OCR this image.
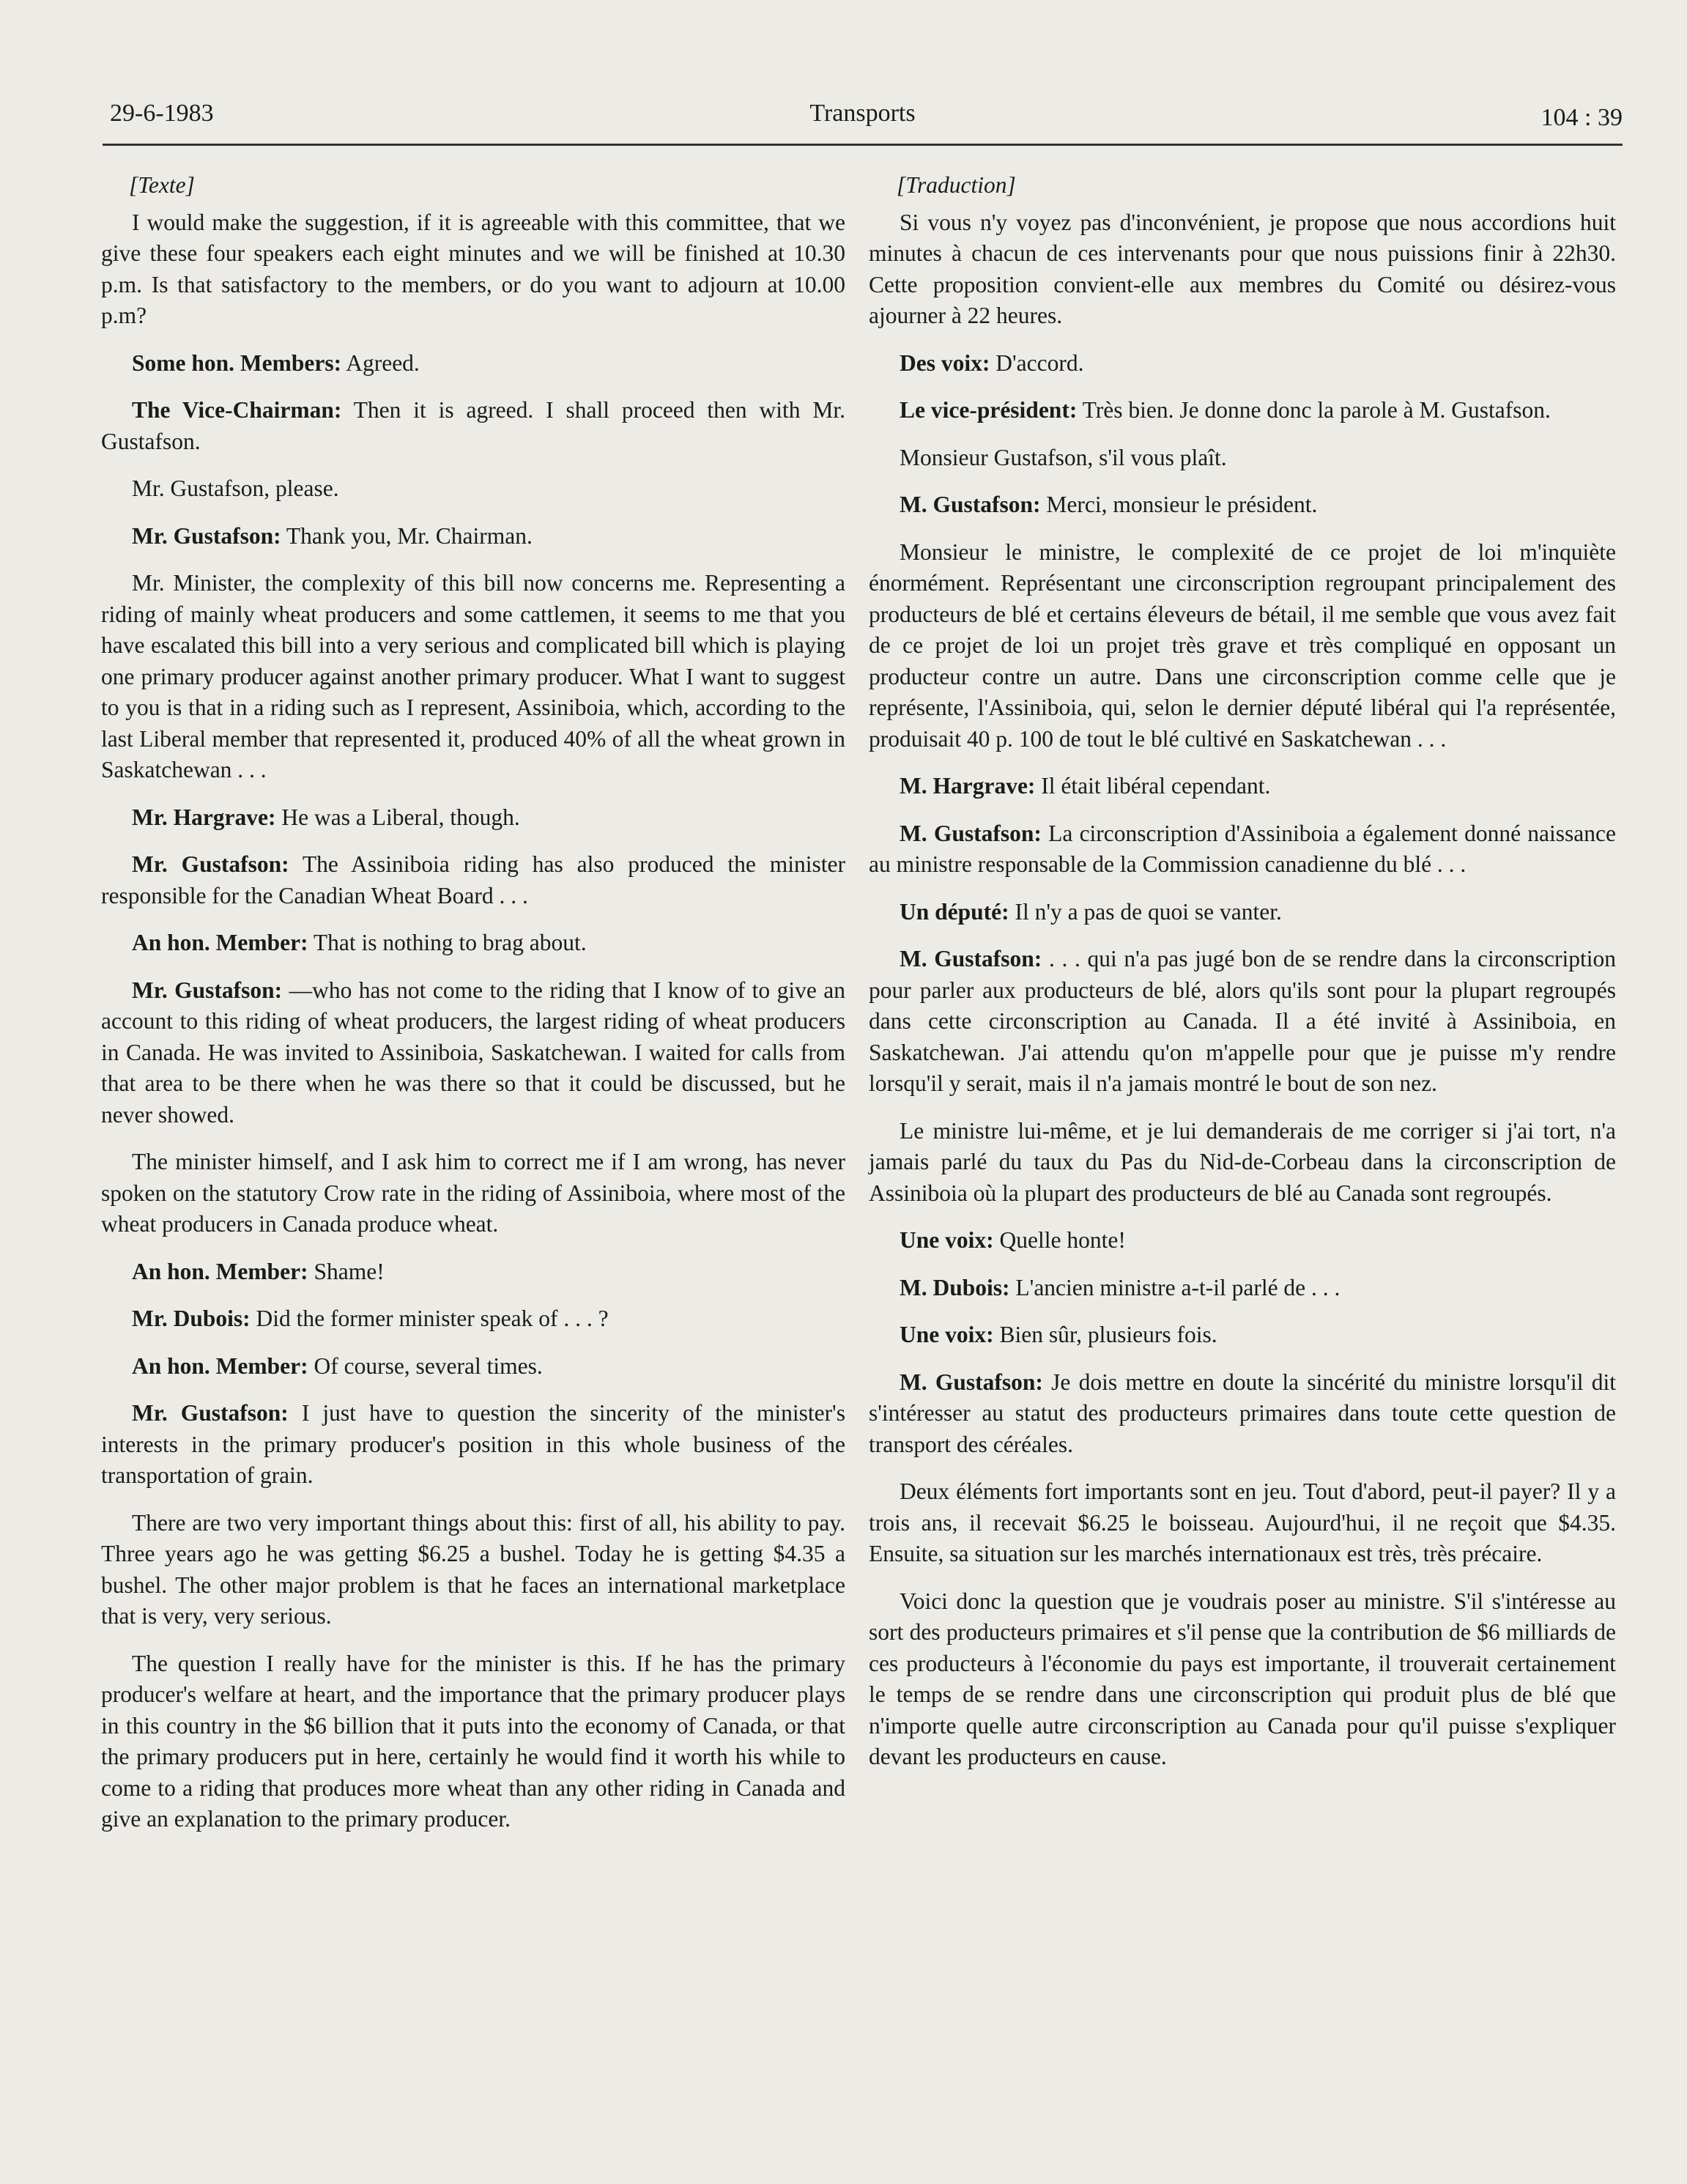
29-6-1983	Transports	104 : 39

[Texte]

I would make the suggestion, if it is agreeable with this committee, that we give these four speakers each eight minutes and we will be finished at 10.30 p.m. Is that satisfactory to the members, or do you want to adjourn at 10.00 p.m?

Some hon. Members: Agreed.

The Vice-Chairman: Then it is agreed. I shall proceed then with Mr. Gustafson.

Mr. Gustafson, please.

Mr. Gustafson: Thank you, Mr. Chairman.

Mr. Minister, the complexity of this bill now concerns me. Representing a riding of mainly wheat producers and some cattlemen, it seems to me that you have escalated this bill into a very serious and complicated bill which is playing one primary producer against another primary producer. What I want to suggest to you is that in a riding such as I represent, Assiniboia, which, according to the last Liberal member that represented it, produced 40% of all the wheat grown in Saskatchewan . . .

Mr. Hargrave: He was a Liberal, though.

Mr. Gustafson: The Assiniboia riding has also produced the minister responsible for the Canadian Wheat Board . . .

An hon. Member: That is nothing to brag about.

Mr. Gustafson: —who has not come to the riding that I know of to give an account to this riding of wheat producers, the largest riding of wheat producers in Canada. He was invited to Assiniboia, Saskatchewan. I waited for calls from that area to be there when he was there so that it could be discussed, but he never showed.

The minister himself, and I ask him to correct me if I am wrong, has never spoken on the statutory Crow rate in the riding of Assiniboia, where most of the wheat producers in Canada produce wheat.

An hon. Member: Shame!

Mr. Dubois: Did the former minister speak of . . . ?

An hon. Member: Of course, several times.

Mr. Gustafson: I just have to question the sincerity of the minister's interests in the primary producer's position in this whole business of the transportation of grain.

There are two very important things about this: first of all, his ability to pay. Three years ago he was getting $6.25 a bushel. Today he is getting $4.35 a bushel. The other major problem is that he faces an international marketplace that is very, very serious.

The question I really have for the minister is this. If he has the primary producer's welfare at heart, and the importance that the primary producer plays in this country in the $6 billion that it puts into the economy of Canada, or that the primary producers put in here, certainly he would find it worth his while to come to a riding that produces more wheat than any other riding in Canada and give an explanation to the primary producer.

[Traduction]

Si vous n'y voyez pas d'inconvénient, je propose que nous accordions huit minutes à chacun de ces intervenants pour que nous puissions finir à 22h30. Cette proposition convient-elle aux membres du Comité ou désirez-vous ajourner à 22 heures.

Des voix: D'accord.

Le vice-président: Très bien. Je donne donc la parole à M. Gustafson.

Monsieur Gustafson, s'il vous plaît.

M. Gustafson: Merci, monsieur le président.

Monsieur le ministre, le complexité de ce projet de loi m'inquiète énormément. Représentant une circonscription regroupant principalement des producteurs de blé et certains éleveurs de bétail, il me semble que vous avez fait de ce projet de loi un projet très grave et très compliqué en opposant un producteur contre un autre. Dans une circonscription comme celle que je représente, l'Assiniboia, qui, selon le dernier député libéral qui l'a représentée, produisait 40 p. 100 de tout le blé cultivé en Saskatchewan . . .

M. Hargrave: Il était libéral cependant.

M. Gustafson: La circonscription d'Assiniboia a également donné naissance au ministre responsable de la Commission canadienne du blé . . .

Un député: Il n'y a pas de quoi se vanter.

M. Gustafson: . . . qui n'a pas jugé bon de se rendre dans la circonscription pour parler aux producteurs de blé, alors qu'ils sont pour la plupart regroupés dans cette circonscription au Canada. Il a été invité à Assiniboia, en Saskatchewan. J'ai attendu qu'on m'appelle pour que je puisse m'y rendre lorsqu'il y serait, mais il n'a jamais montré le bout de son nez.

Le ministre lui-même, et je lui demanderais de me corriger si j'ai tort, n'a jamais parlé du taux du Pas du Nid-de-Corbeau dans la circonscription de Assiniboia où la plupart des producteurs de blé au Canada sont regroupés.

Une voix: Quelle honte!

M. Dubois: L'ancien ministre a-t-il parlé de . . .

Une voix: Bien sûr, plusieurs fois.

M. Gustafson: Je dois mettre en doute la sincérité du ministre lorsqu'il dit s'intéresser au statut des producteurs primaires dans toute cette question de transport des céréales.

Deux éléments fort importants sont en jeu. Tout d'abord, peut-il payer? Il y a trois ans, il recevait $6.25 le boisseau. Aujourd'hui, il ne reçoit que $4.35. Ensuite, sa situation sur les marchés internationaux est très, très précaire.

Voici donc la question que je voudrais poser au ministre. S'il s'intéresse au sort des producteurs primaires et s'il pense que la contribution de $6 milliards de ces producteurs à l'économie du pays est importante, il trouverait certainement le temps de se rendre dans une circonscription qui produit plus de blé que n'importe quelle autre circonscription au Canada pour qu'il puisse s'expliquer devant les producteurs en cause.
